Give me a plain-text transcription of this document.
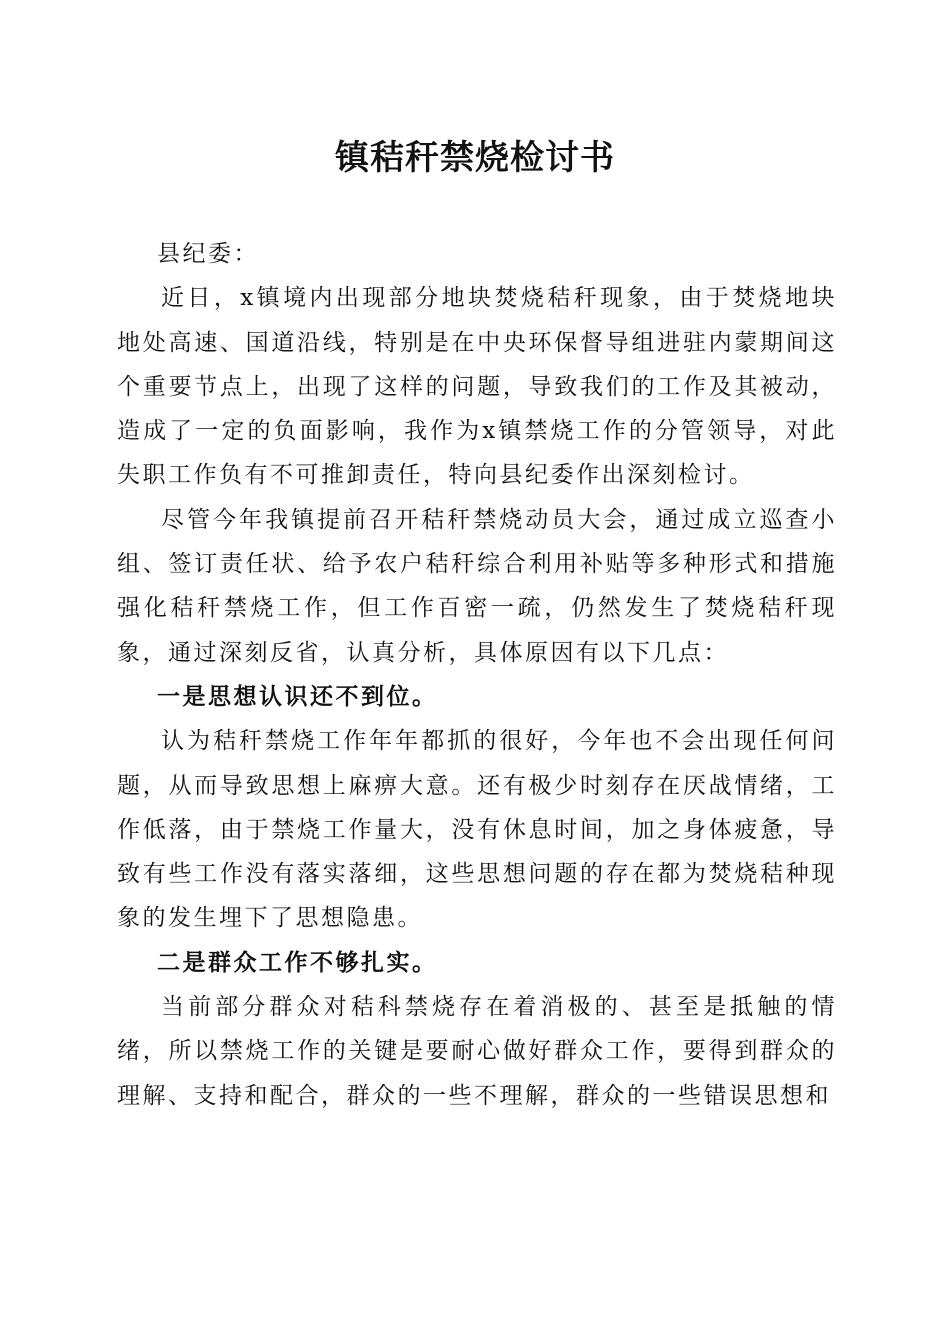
镇秸秆禁烧检讨书

县纪委：

近日，x镇境内出现部分地块焚烧秸秆现象，由于焚烧地块地处高速、国道沿线，特别是在中央环保督导组进驻内蒙期间这个重要节点上，出现了这样的问题，导致我们的工作及其被动，造成了一定的负面影响，我作为x镇禁烧工作的分管领导，对此失职工作负有不可推卸责任，特向县纪委作出深刻检讨。

尽管今年我镇提前召开秸秆禁烧动员大会，通过成立巡查小组、签订责任状、给予农户秸秆综合利用补贴等多种形式和措施强化秸秆禁烧工作，但工作百密一疏，仍然发生了焚烧秸秆现象，通过深刻反省，认真分析，具体原因有以下几点：

一是思想认识还不到位。

认为秸秆禁烧工作年年都抓的很好，今年也不会出现任何问题，从而导致思想上麻痹大意。还有极少时刻存在厌战情绪，工作低落，由于禁烧工作量大，没有休息时间，加之身体疲惫，导致有些工作没有落实落细，这些思想问题的存在都为焚烧秸种现象的发生埋下了思想隐患。

二是群众工作不够扎实。

当前部分群众对秸科禁烧存在着消极的、甚至是抵触的情绪，所以禁烧工作的关键是要耐心做好群众工作，要得到群众的理解、支持和配合，群众的一些不理解，群众的一些错误思想和
